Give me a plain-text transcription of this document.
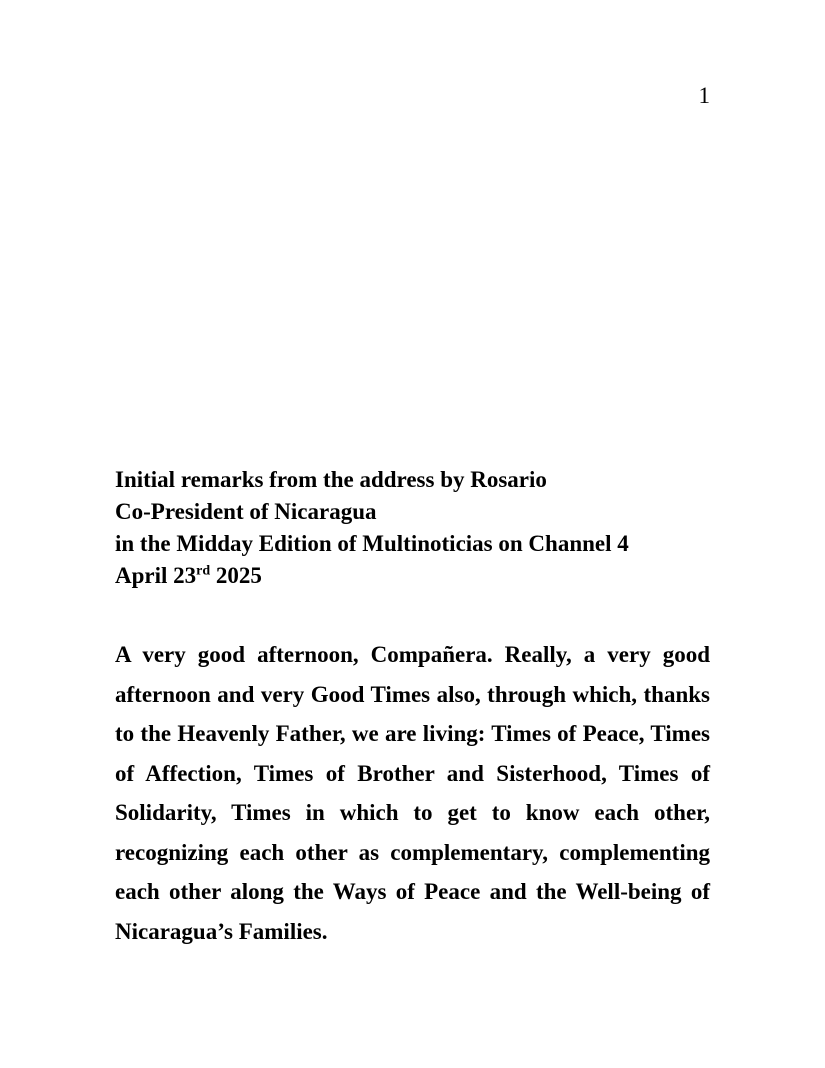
1
Initial remarks from the address by Rosario
Co-President of Nicaragua
in the Midday Edition of Multinoticias on Channel 4
April 23rd 2025
A very good afternoon, Compañera. Really, a very good
afternoon and very Good Times also, through which, thanks
to the Heavenly Father, we are living: Times of Peace, Times
of Affection, Times of Brother and Sisterhood, Times of
Solidarity, Times in which to get to know each other,
recognizing each other as complementary, complementing
each other along the Ways of Peace and the Well-being of
Nicaragua’s Families.
